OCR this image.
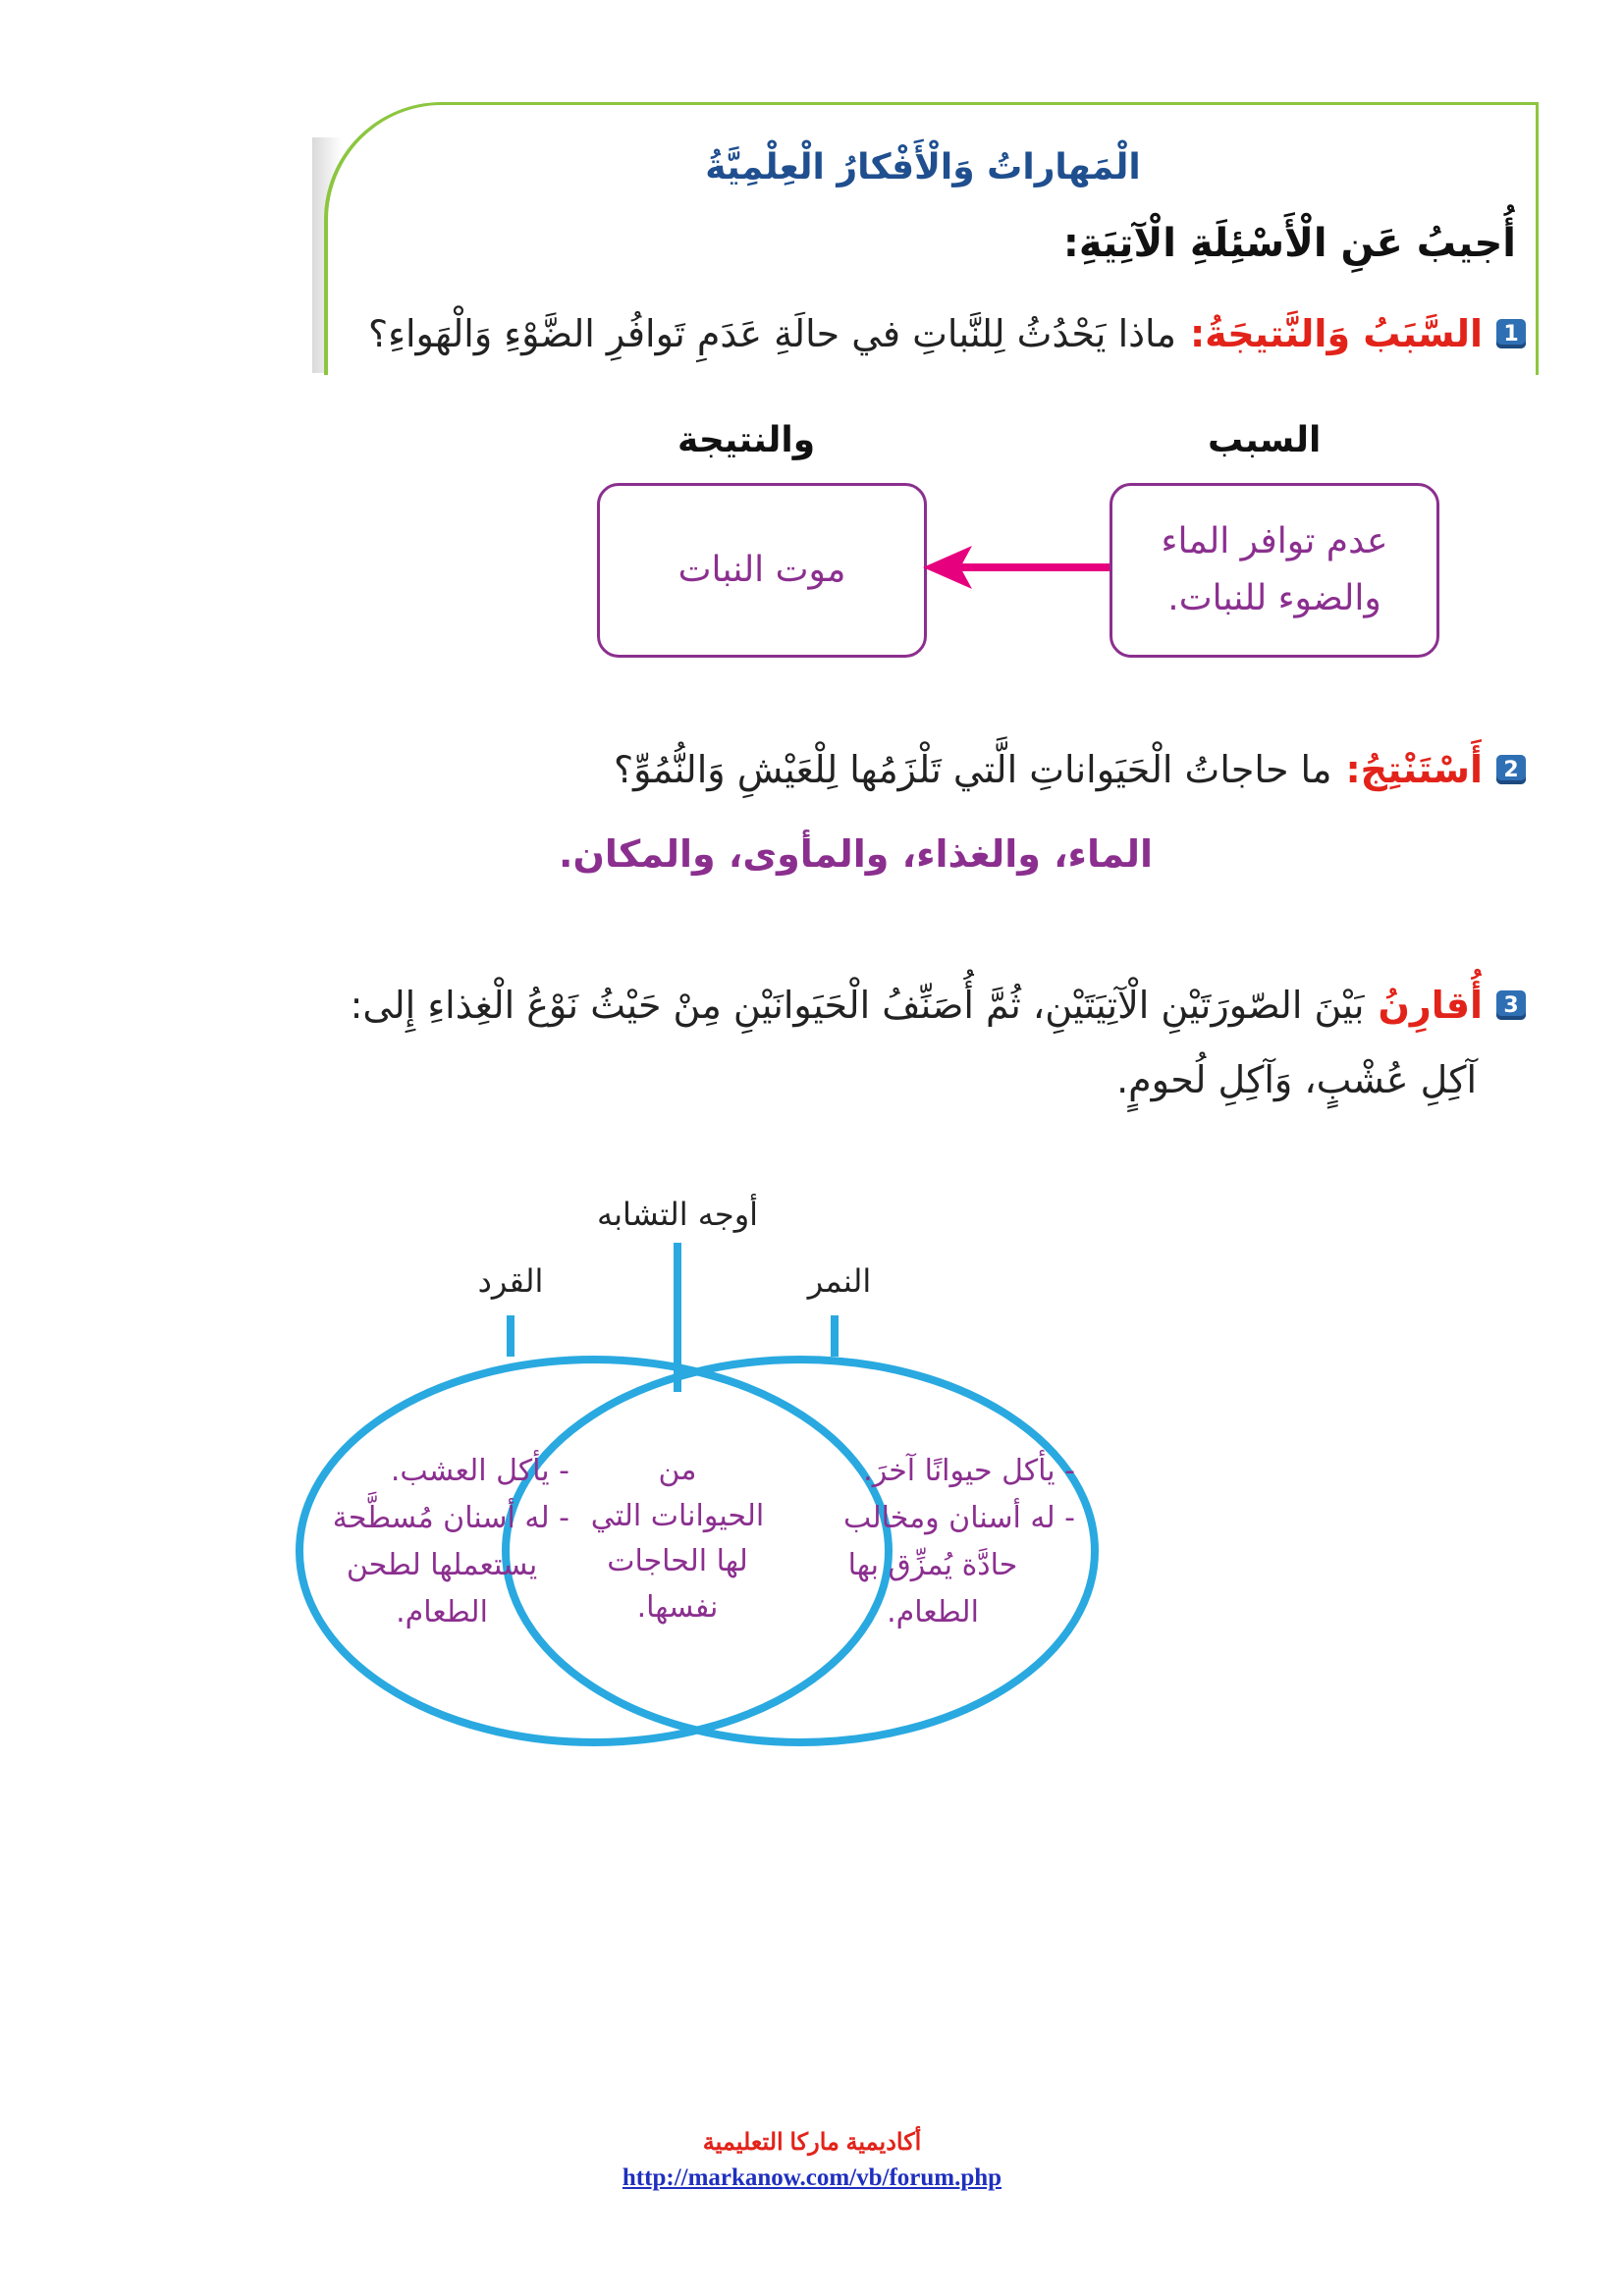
الْمَهاراتُ وَالْأَفْكارُ الْعِلْمِيَّةُ
أُجيبُ عَنِ الْأَسْئِلَةِ الْآتِيَةِ:
1
السَّبَبُ وَالنَّتيجَةُ:
ماذا يَحْدُثُ لِلنَّباتِ في حالَةِ عَدَمِ تَوافُرِ الضَّوْءِ وَالْهَواءِ؟
السبب
والنتيجة
عدم توافر الماء
والضوء للنبات.
موت النبات
2
أَسْتَنْتِجُ:
ما حاجاتُ الْحَيَواناتِ الَّتي تَلْزَمُها لِلْعَيْشِ وَالنُّمُوِّ؟
الماء، والغذاء، والمأوى، والمكان.
3
أُقارِنُ
بَيْنَ الصّورَتَيْنِ الْآتِيَتَيْنِ، ثُمَّ أُصَنِّفُ الْحَيَوانَيْنِ مِنْ حَيْثُ نَوْعُ الْغِذاءِ إِلى:
آكِلِ عُشْبٍ، وَآكِلِ لُحومٍ.
أوجه التشابه
القرد	النمر
- يأكل العشب.
- له أسنان مُسطَّحة
يستعملها لطحن
الطعام.
من
الحيوانات التي
لها الحاجات
نفسها.
- يأكل حيوانًا آخرَ.
- له أسنان ومخالب
حادَّة يُمزِّق بها
الطعام.
أكاديمية ماركا التعليمية
http://markanow.com/vb/forum.php
